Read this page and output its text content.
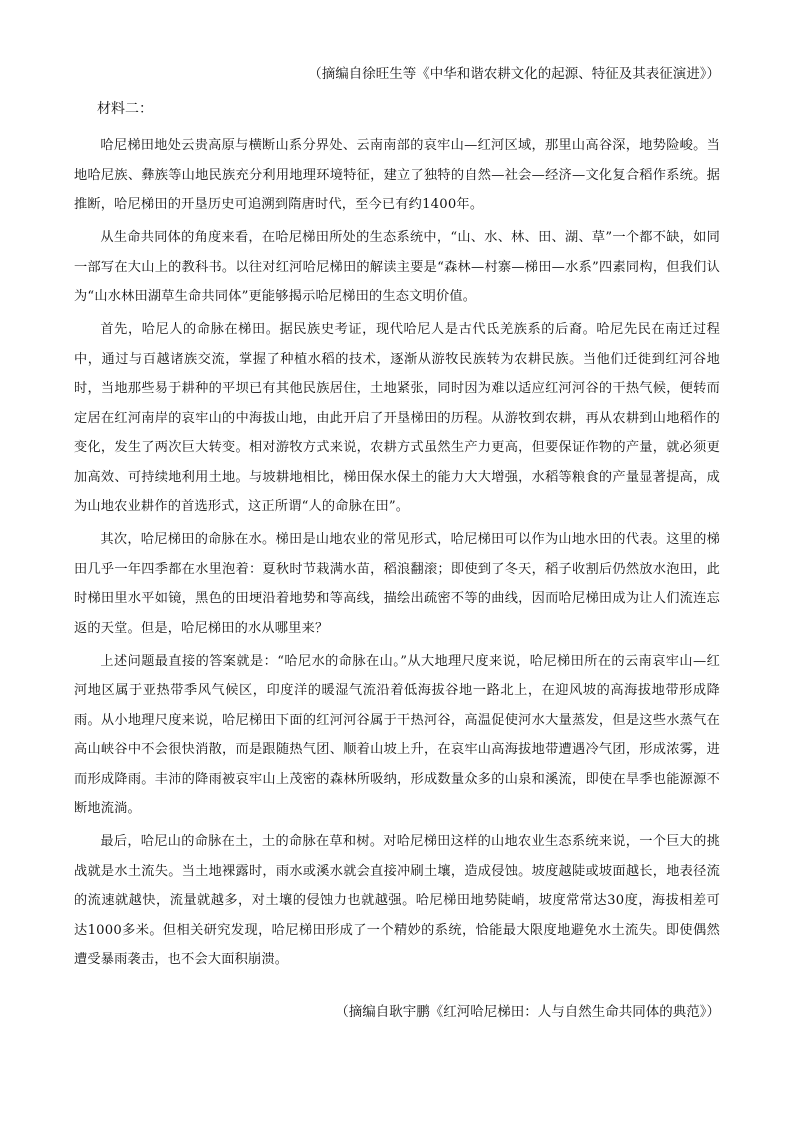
（摘编自徐旺生等《中华和谐农耕文化的起源、特征及其表征演进》）
材料二：

哈尼梯田地处云贵高原与横断山系分界处、云南南部的哀牢山—红河区域，那里山高谷深，地势险峻。当地哈尼族、彝族等山地民族充分利用地理环境特征，建立了独特的自然—社会—经济—文化复合稻作系统。据推断，哈尼梯田的开垦历史可追溯到隋唐时代，至今已有约1400年。

从生命共同体的角度来看，在哈尼梯田所处的生态系统中，“山、水、林、田、湖、草”一个都不缺，如同一部写在大山上的教科书。以往对红河哈尼梯田的解读主要是“森林—村寨—梯田—水系”四素同构，但我们认为“山水林田湖草生命共同体”更能够揭示哈尼梯田的生态文明价值。

首先，哈尼人的命脉在梯田。据民族史考证，现代哈尼人是古代氐羌族系的后裔。哈尼先民在南迁过程中，通过与百越诸族交流，掌握了种植水稻的技术，逐渐从游牧民族转为农耕民族。当他们迁徙到红河谷地时，当地那些易于耕种的平坝已有其他民族居住，土地紧张，同时因为难以适应红河河谷的干热气候，便转而定居在红河南岸的哀牢山的中海拔山地，由此开启了开垦梯田的历程。从游牧到农耕，再从农耕到山地稻作的变化，发生了两次巨大转变。相对游牧方式来说，农耕方式虽然生产力更高，但要保证作物的产量，就必须更加高效、可持续地利用土地。与坡耕地相比，梯田保水保土的能力大大增强，水稻等粮食的产量显著提高，成为山地农业耕作的首选形式，这正所谓“人的命脉在田”。

其次，哈尼梯田的命脉在水。梯田是山地农业的常见形式，哈尼梯田可以作为山地水田的代表。这里的梯田几乎一年四季都在水里泡着：夏秋时节栽满水苗，稻浪翻滚；即使到了冬天，稻子收割后仍然放水泡田，此时梯田里水平如镜，黑色的田埂沿着地势和等高线，描绘出疏密不等的曲线，因而哈尼梯田成为让人们流连忘返的天堂。但是，哈尼梯田的水从哪里来？

上述问题最直接的答案就是：“哈尼水的命脉在山。”从大地理尺度来说，哈尼梯田所在的云南哀牢山—红河地区属于亚热带季风气候区，印度洋的暖湿气流沿着低海拔谷地一路北上，在迎风坡的高海拔地带形成降雨。从小地理尺度来说，哈尼梯田下面的红河河谷属于干热河谷，高温促使河水大量蒸发，但是这些水蒸气在高山峡谷中不会很快消散，而是跟随热气团、顺着山坡上升，在哀牢山高海拔地带遭遇冷气团，形成浓雾，进而形成降雨。丰沛的降雨被哀牢山上茂密的森林所吸纳，形成数量众多的山泉和溪流，即使在旱季也能源源不断地流淌。

最后，哈尼山的命脉在土，土的命脉在草和树。对哈尼梯田这样的山地农业生态系统来说，一个巨大的挑战就是水土流失。当土地裸露时，雨水或溪水就会直接冲刷土壤，造成侵蚀。坡度越陡或坡面越长，地表径流的流速就越快，流量就越多，对土壤的侵蚀力也就越强。哈尼梯田地势陡峭，坡度常常达30度，海拔相差可达1000多米。但相关研究发现，哈尼梯田形成了一个精妙的系统，恰能最大限度地避免水土流失。即使偶然遭受暴雨袭击，也不会大面积崩溃。

（摘编自耿宇鹏《红河哈尼梯田：人与自然生命共同体的典范》）
